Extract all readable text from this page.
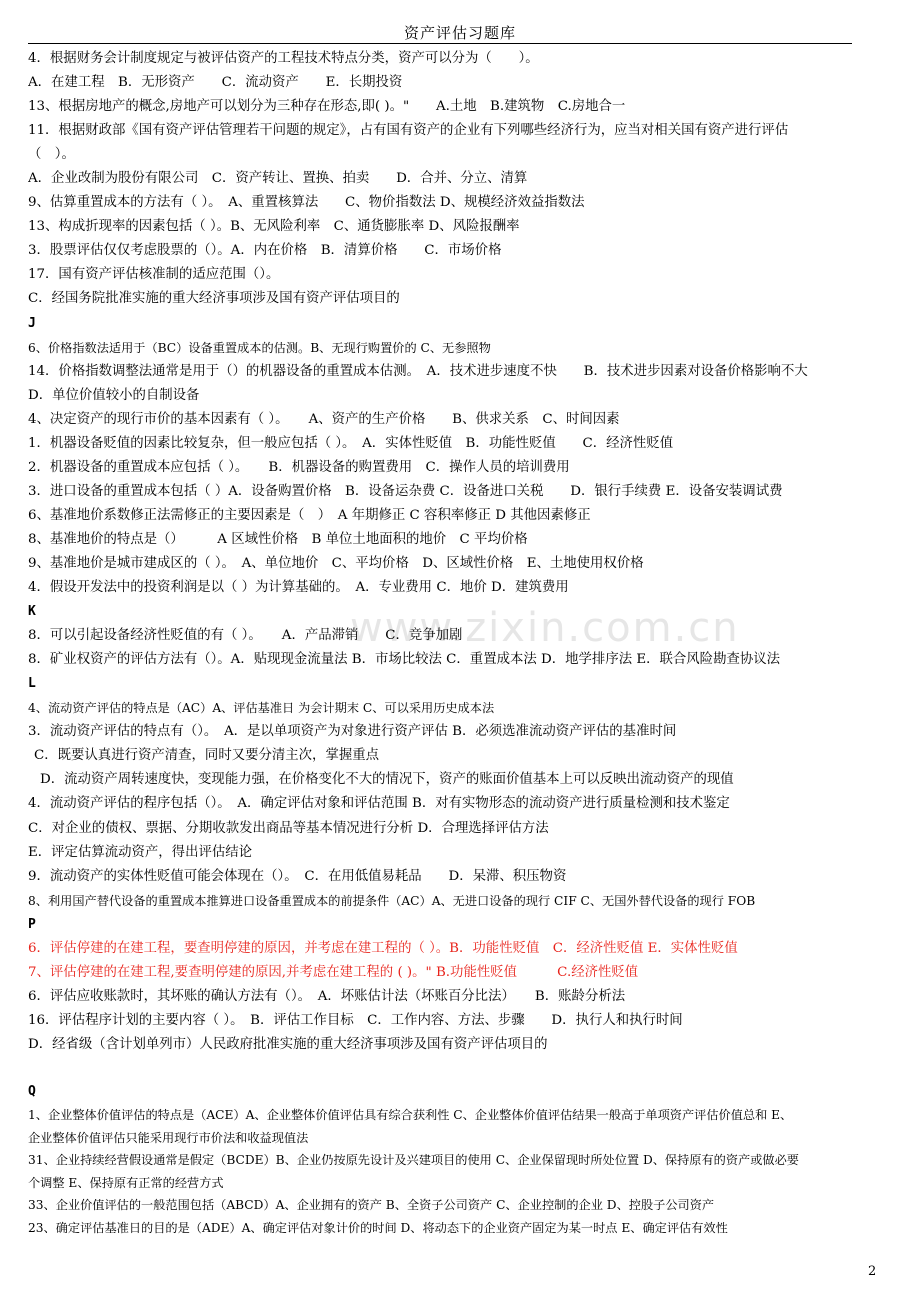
资产评估习题库
www.zixin.com.cn
4．根据财务会计制度规定与被评估资产的工程技术特点分类，资产可以分为（　　）。
A．在建工程　B．无形资产　　C．流动资产　　E．长期投资
13、根据房地产的概念,房地产可以划分为三种存在形态,即( )。"　　A.土地　B.建筑物　C.房地合一
11．根据财政部《国有资产评估管理若干问题的规定》，占有国有资产的企业有下列哪些经济行为，应当对相关国有资产进行评估
（　）。
A．企业改制为股份有限公司　C．资产转让、置换、拍卖　　D．合并、分立、清算
9、估算重置成本的方法有（ ）。　A、重置核算法　　C、物价指数法 D、规模经济效益指数法
13、构成折现率的因素包括（ ）。B、无风险利率　C、通货膨胀率 D、风险报酬率
3．股票评估仅仅考虑股票的（）。A．内在价格　B．清算价格　　C．市场价格
17．国有资产评估核准制的适应范围（）。
C．经国务院批准实施的重大经济事项涉及国有资产评估项目的
J
6、价格指数法适用于（BC）设备重置成本的估测。B、无现行购置价的 C、无参照物
14．价格指数调整法通常是用于（）的机器设备的重置成本估测。　A．技术进步速度不快　　B．技术进步因素对设备价格影响不大
D．单位价值较小的自制设备
4、决定资产的现行市价的基本因素有（ ）。　　A、资产的生产价格　　B、供求关系　C、时间因素
1．机器设备贬值的因素比较复杂，但一般应包括（ ）。　A．实体性贬值　B．功能性贬值　　C．经济性贬值
2．机器设备的重置成本应包括（ ）。　　B．机器设备的购置费用　C．操作人员的培训费用
3．进口设备的重置成本包括（ ）A．设备购置价格　B．设备运杂费 C．设备进口关税　　D．银行手续费 E．设备安装调试费
6、基准地价系数修正法需修正的主要因素是（　）　A 年期修正 C 容积率修正 D 其他因素修正
8、基准地价的特点是（）　　　A 区域性价格　B 单位土地面积的地价　C 平均价格
9、基准地价是城市建成区的（ ）。　A、单位地价　C、平均价格　D、区域性价格　E、土地使用权价格
4．假设开发法中的投资利润是以（ ）为计算基础的。　A．专业费用 C．地价 D．建筑费用
K
8．可以引起设备经济性贬值的有（ ）。　　A．产品滞销　　C．竞争加剧
8．矿业权资产的评估方法有（）。A．贴现现金流量法 B．市场比较法 C．重置成本法 D．地学排序法 E．联合风险勘查协议法
L
4、流动资产评估的特点是（AC）A、评估基准日 为会计期末 C、可以采用历史成本法
3．流动资产评估的特点有（）。　A．是以单项资产为对象进行资产评估 B．必须选准流动资产评估的基准时间
C．既要认真进行资产清查，同时又要分清主次，掌握重点
D．流动资产周转速度快，变现能力强，在价格变化不大的情况下，资产的账面价值基本上可以反映出流动资产的现值
4．流动资产评估的程序包括（）。　A．确定评估对象和评估范围 B．对有实物形态的流动资产进行质量检测和技术鉴定
C．对企业的债权、票据、分期收款发出商品等基本情况进行分析 D．合理选择评估方法
E．评定估算流动资产，得出评估结论
9．流动资产的实体性贬值可能会体现在（）。　C．在用低值易耗品　　D．呆滞、积压物资
8、利用国产替代设备的重置成本推算进口设备重置成本的前提条件（AC）A、无进口设备的现行 CIF C、无国外替代设备的现行 FOB
P
6．评估停建的在建工程，要查明停建的原因，并考虑在建工程的（ ）。B．功能性贬值　C．经济性贬值 E．实体性贬值
7、评估停建的在建工程,要查明停建的原因,并考虑在建工程的 ( )。" B.功能性贬值　　　C.经济性贬值
6．评估应收账款时，其坏账的确认方法有（）。　A．坏账估计法（坏账百分比法）　　B．账龄分析法
16．评估程序计划的主要内容（ ）。　B．评估工作目标　C．工作内容、方法、步骤　　D．执行人和执行时间
D．经省级（含计划单列市）人民政府批准实施的重大经济事项涉及国有资产评估项目的
Q
1、企业整体价值评估的特点是（ACE）A、企业整体价值评估具有综合获利性 C、企业整体价值评估结果一般高于单项资产评估价值总和 E、
企业整体价值评估只能采用现行市价法和收益现值法
31、企业持续经营假设通常是假定（BCDE）B、企业仍按原先设计及兴建项目的使用 C、企业保留现时所处位置 D、保持原有的资产或做必要
个调整 E、保持原有正常的经营方式
33、企业价值评估的一般范围包括（ABCD）A、企业拥有的资产 B、全资子公司资产 C、企业控制的企业 D、控股子公司资产
23、确定评估基准日的目的是（ADE）A、确定评估对象计价的时间 D、将动态下的企业资产固定为某一时点 E、确定评估有效性
2
